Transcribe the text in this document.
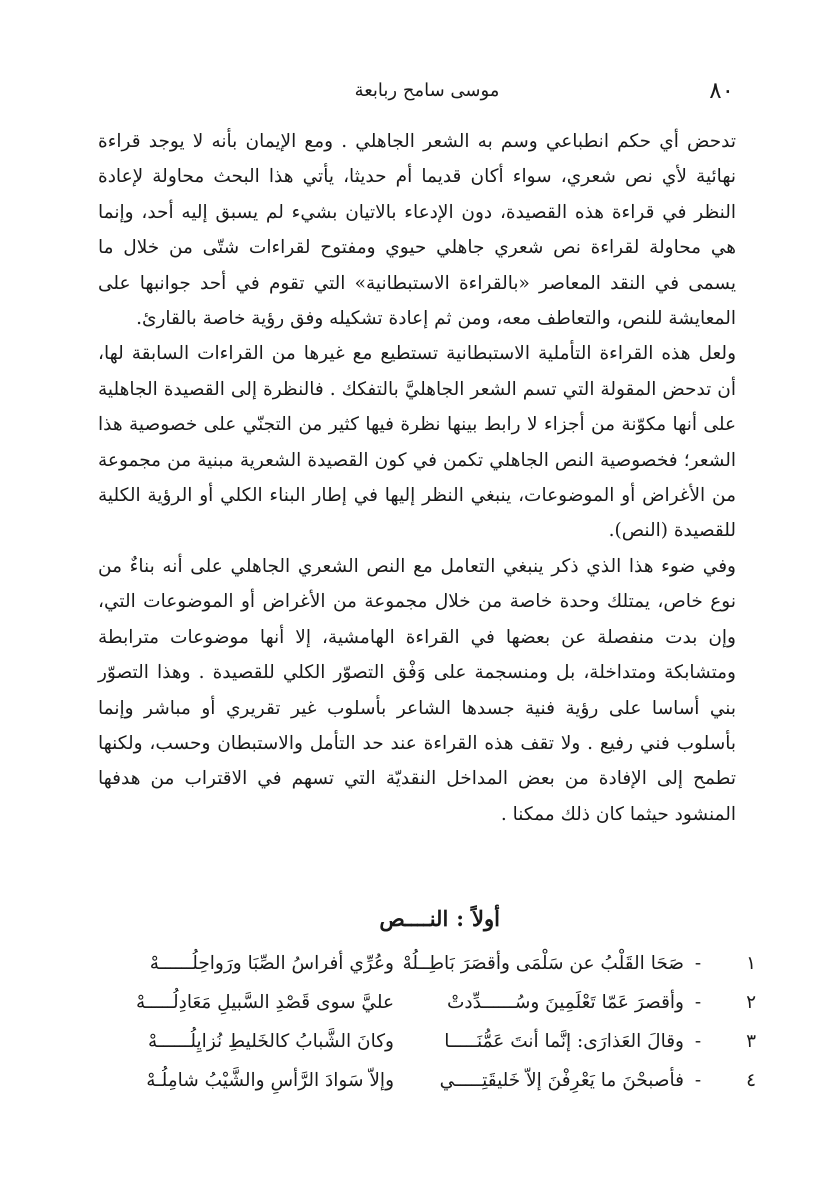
٨٠
موسى سامح ربابعة

تدحض أي حكم انطباعي وسم به الشعر الجاهلي . ومع الإيمان بأنه لا يوجد قراءة نهائية لأي نص شعري، سواء أكان قديما أم حديثا، يأتي هذا البحث محاولة لإعادة النظر في قراءة هذه القصيدة، دون الإدعاء بالاتيان بشيء لم يسبق إليه أحد، وإنما هي محاولة لقراءة نص شعري جاهلي حيوي ومفتوح لقراءات شتّى من خلال ما يسمى في النقد المعاصر «بالقراءة الاستبطانية» التي تقوم في أحد جوانبها على المعايشة للنص، والتعاطف معه، ومن ثم إعادة تشكيله وفق رؤية خاصة بالقارئ.

ولعل هذه القراءة التأملية الاستبطانية تستطيع مع غيرها من القراءات السابقة لها، أن تدحض المقولة التي تسم الشعر الجاهليَّ بالتفكك . فالنظرة إلى القصيدة الجاهلية على أنها مكوّنة من أجزاء لا رابط بينها نظرة فيها كثير من التجنّي على خصوصية هذا الشعر؛ فخصوصية النص الجاهلي تكمن في كون القصيدة الشعرية مبنية من مجموعة من الأغراض أو الموضوعات، ينبغي النظر إليها في إطار البناء الكلي أو الرؤية الكلية للقصيدة (النص).

وفي ضوء هذا الذي ذكر ينبغي التعامل مع النص الشعري الجاهلي على أنه بناءٌ من نوع خاص، يمتلك وحدة خاصة من خلال مجموعة من الأغراض أو الموضوعات التي، وإن بدت منفصلة عن بعضها في القراءة الهامشية، إلا أنها موضوعات مترابطة ومتشابكة ومتداخلة، بل ومنسجمة على وَفْق التصوّر الكلي للقصيدة . وهذا التصوّر بني أساسا على رؤية فنية جسدها الشاعر بأسلوب غير تقريري أو مباشر وإنما بأسلوب فني رفيع . ولا تقف هذه القراءة عند حد التأمل والاستبطان وحسب، ولكنها تطمح إلى الإفادة من بعض المداخل النقديّة التي تسهم في الاقتراب من هدفها المنشود حيثما كان ذلك ممكنا .

أولاً:النــــص
١
-
صَحَا القَلْبُ عن سَلْمَى وأقصَرَ بَاطِــلُهْ
وعُرِّي أفراسُ الصِّبَا ورَواحِلُــــــهْ
٢
-
وأقصرَ عَمّا تَعْلَمِينَ وسُــــــدِّدتْ
عليَّ سوى قَصْدِ السَّبيلِ مَعَادِلُـــــهْ
٣
-
وقالَ العَذارَى: إنَّما أنتَ عَمُّنَـــــا
وكانَ الشَّبابُ كالخَليطِ نُزايِلُــــــهْ
٤
-
فأصبحْنَ ما يَعْرِفْنَ إلاّ خَليقَتِـــــي
وإلاّ سَوادَ الرَّأسِ والشَّيْبُ شامِلُـهْ
